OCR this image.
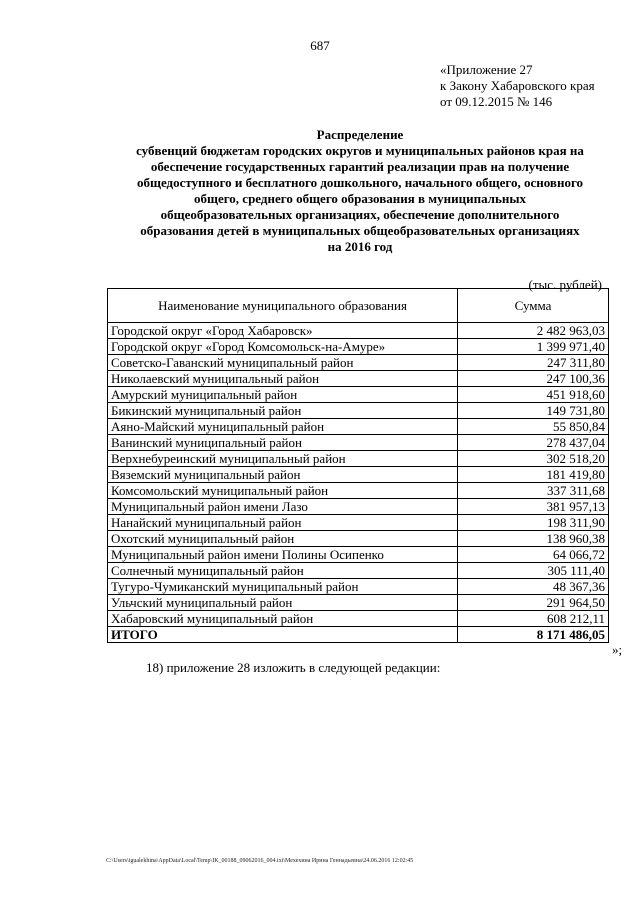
687
«Приложение 27
к Закону Хабаровского края
от 09.12.2015 № 146
Распределение
субвенций бюджетам городских округов и муниципальных районов края на
обеспечение государственных гарантий реализации прав на получение
общедоступного и бесплатного дошкольного, начального общего, основного
общего, среднего общего образования в муниципальных
общеобразовательных организациях, обеспечение дополнительного
образования детей в муниципальных общеобразовательных организациях
на 2016 год
(тыс. рублей)
Наименование муниципального образования	Сумма
Городской округ «Город Хабаровск»	2 482 963,03
Городской округ «Город Комсомольск-на-Амуре»	1 399 971,40
Советско-Гаванский муниципальный район	247 311,80
Николаевский муниципальный район	247 100,36
Амурский муниципальный район	451 918,60
Бикинский муниципальный район	149 731,80
Аяно-Майский муниципальный район	55 850,84
Ванинский муниципальный район	278 437,04
Верхнебуреинский муниципальный район	302 518,20
Вяземский муниципальный район	181 419,80
Комсомольский муниципальный район	337 311,68
Муниципальный район имени Лазо	381 957,13
Нанайский муниципальный район	198 311,90
Охотский муниципальный район	138 960,38
Муниципальный район имени Полины Осипенко	64 066,72
Солнечный муниципальный район	305 111,40
Тугуро-Чумиканский муниципальный район	48 367,36
Ульчский муниципальный район	291 964,50
Хабаровский муниципальный район	608 212,11
ИТОГО	8 171 486,05
»;
18) приложение 28 изложить в следующей редакции:
C:\Users\igualekhina\AppData\Local\Temp\IK_00188_09062016_004.txt\Мехехина Ирина Геннадьевна\24.06.2016 12:02:45
